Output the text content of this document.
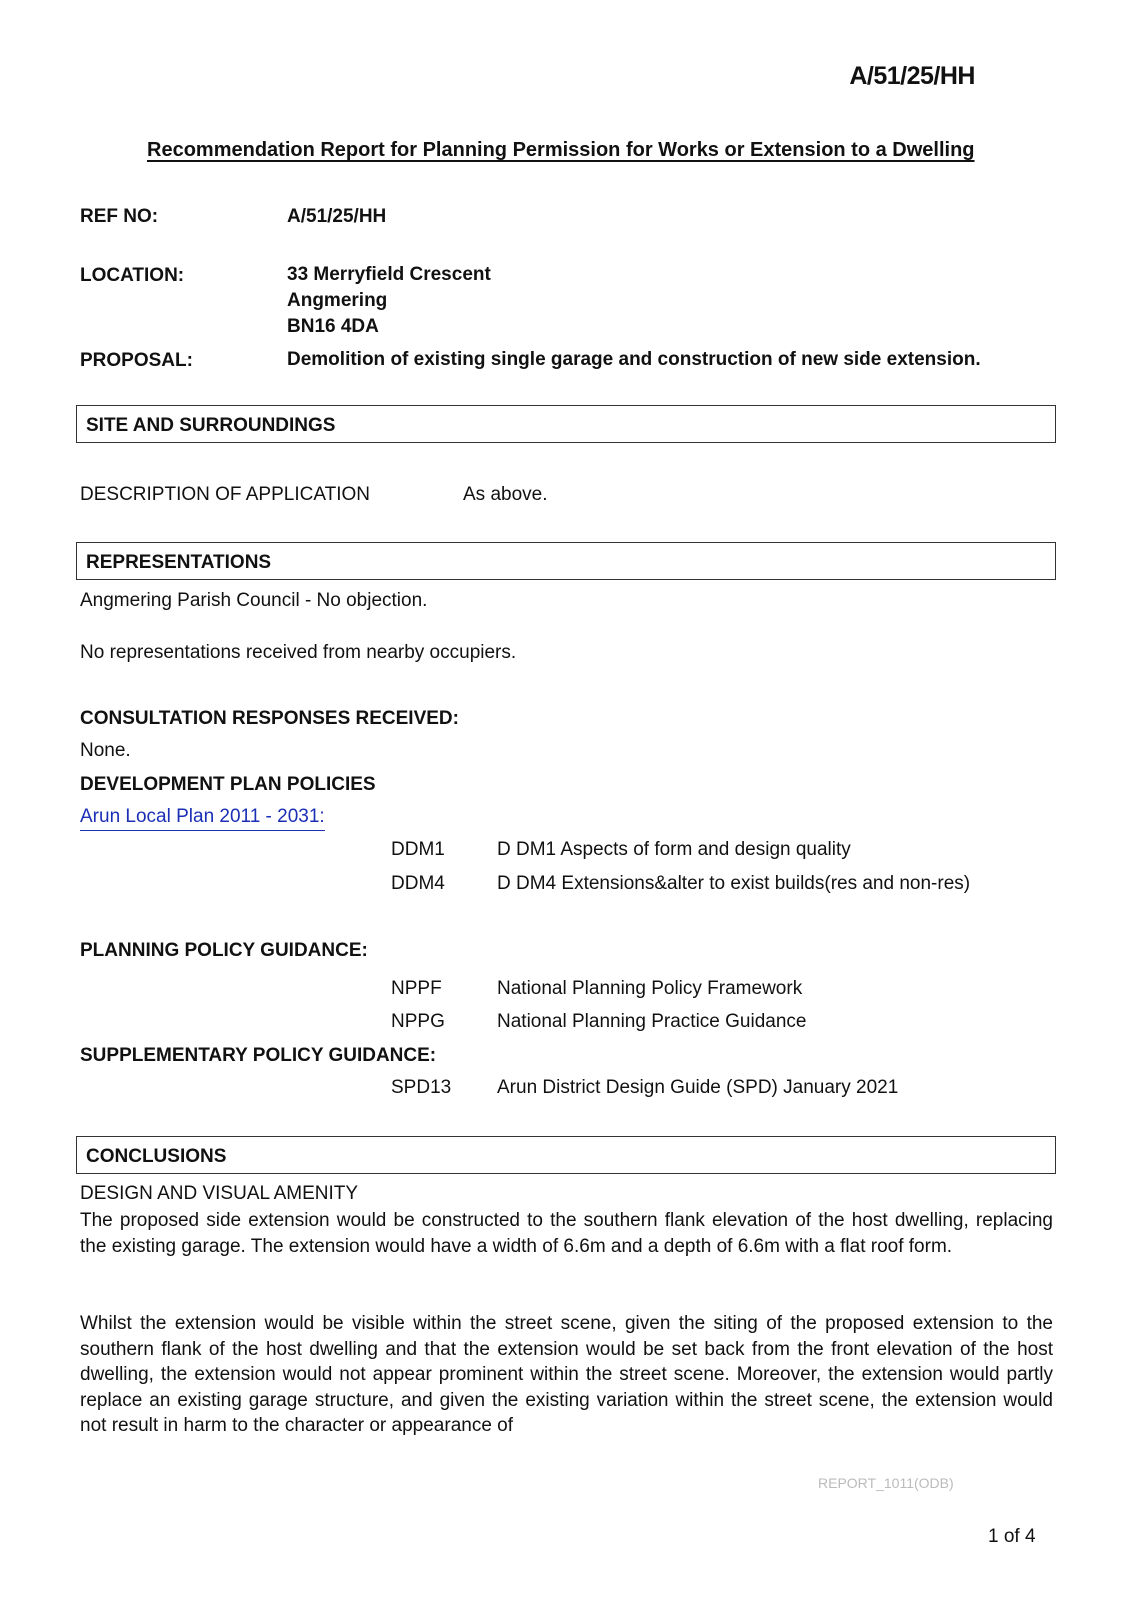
A/51/25/HH
Recommendation Report for Planning Permission for Works or Extension to a Dwelling
REF NO:	A/51/25/HH
LOCATION:	33 Merryfield Crescent
Angmering
BN16 4DA
PROPOSAL:	Demolition of existing single garage and construction of new side extension.
SITE AND SURROUNDINGS
DESCRIPTION OF APPLICATION	As above.
REPRESENTATIONS
Angmering Parish Council - No objection.
No representations received from nearby occupiers.
CONSULTATION RESPONSES RECEIVED:
None.
DEVELOPMENT PLAN POLICIES
Arun Local Plan 2011 - 2031:
DDM1	D DM1 Aspects of form and design quality
DDM4	D DM4 Extensions&alter to exist builds(res and non-res)
PLANNING POLICY GUIDANCE:
NPPF	National Planning Policy Framework
NPPG	National Planning Practice Guidance
SUPPLEMENTARY POLICY GUIDANCE:
SPD13 Arun District Design Guide (SPD) January 2021
CONCLUSIONS
DESIGN AND VISUAL AMENITY
The proposed side extension would be constructed to the southern flank elevation of the host dwelling, replacing the existing garage. The extension would have a width of 6.6m and a depth of 6.6m with a flat roof form.
Whilst the extension would be visible within the street scene, given the siting of the proposed extension to the southern flank of the host dwelling and that the extension would be set back from the front elevation of the host dwelling, the extension would not appear prominent within the street scene. Moreover, the extension would partly replace an existing garage structure, and given the existing variation within the street scene, the extension would not result in harm to the character or appearance of
REPORT_1011(ODB)
1 of 4
